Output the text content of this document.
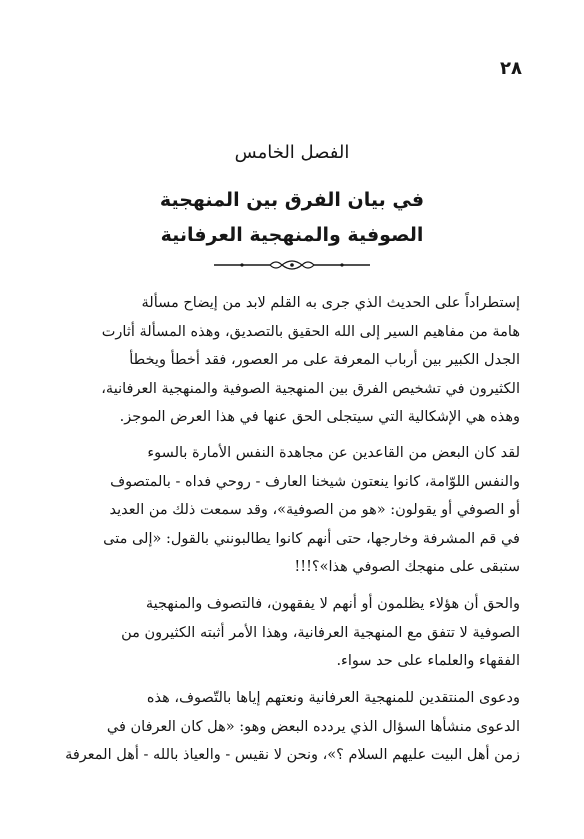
٢٨
الفصل الخامس
في بيان الفرق بين المنهجية
الصوفية والمنهجية العرفانية
إستطراداً على الحديث الذي جرى به القلم لابد من إيضاح مسألة
هامة من مفاهيم السير إلى الله الحقيق بالتصديق، وهذه المسألة أثارت
الجدل الكبير بين أرباب المعرفة على مر العصور، فقد أخطأ ويخطأ
الكثيرون في تشخيص الفرق بين المنهجية الصوفية والمنهجية العرفانية،
وهذه هي الإشكالية التي سيتجلى الحق عنها في هذا العرض الموجز.
لقد كان البعض من القاعدين عن مجاهدة النفس الأمارة بالسوء
والنفس اللوّامة، كانوا ينعتون شيخنا العارف - روحي فداه - بالمتصوف
أو الصوفي أو يقولون: «هو من الصوفية»، وقد سمعت ذلك من العديد
في قم المشرفة وخارجها، حتى أنهم كانوا يطالبونني بالقول: «إلى متى
ستبقى على منهجك الصوفي هذا»؟!!!
والحق أن هؤلاء يظلمون أو أنهم لا يفقهون، فالتصوف والمنهجية
الصوفية لا تتفق مع المنهجية العرفانية، وهذا الأمر أثبته الكثيرون من
الفقهاء والعلماء على حد سواء.
ودعوى المنتقدين للمنهجية العرفانية ونعتهم إياها بالتّصوف، هذه
الدعوى منشأها السؤال الذي يردده البعض وهو: «هل كان العرفان في
زمن أهل البيت عليهم السلام ؟»، ونحن لا نقيس - والعياذ بالله - أهل المعرفة
